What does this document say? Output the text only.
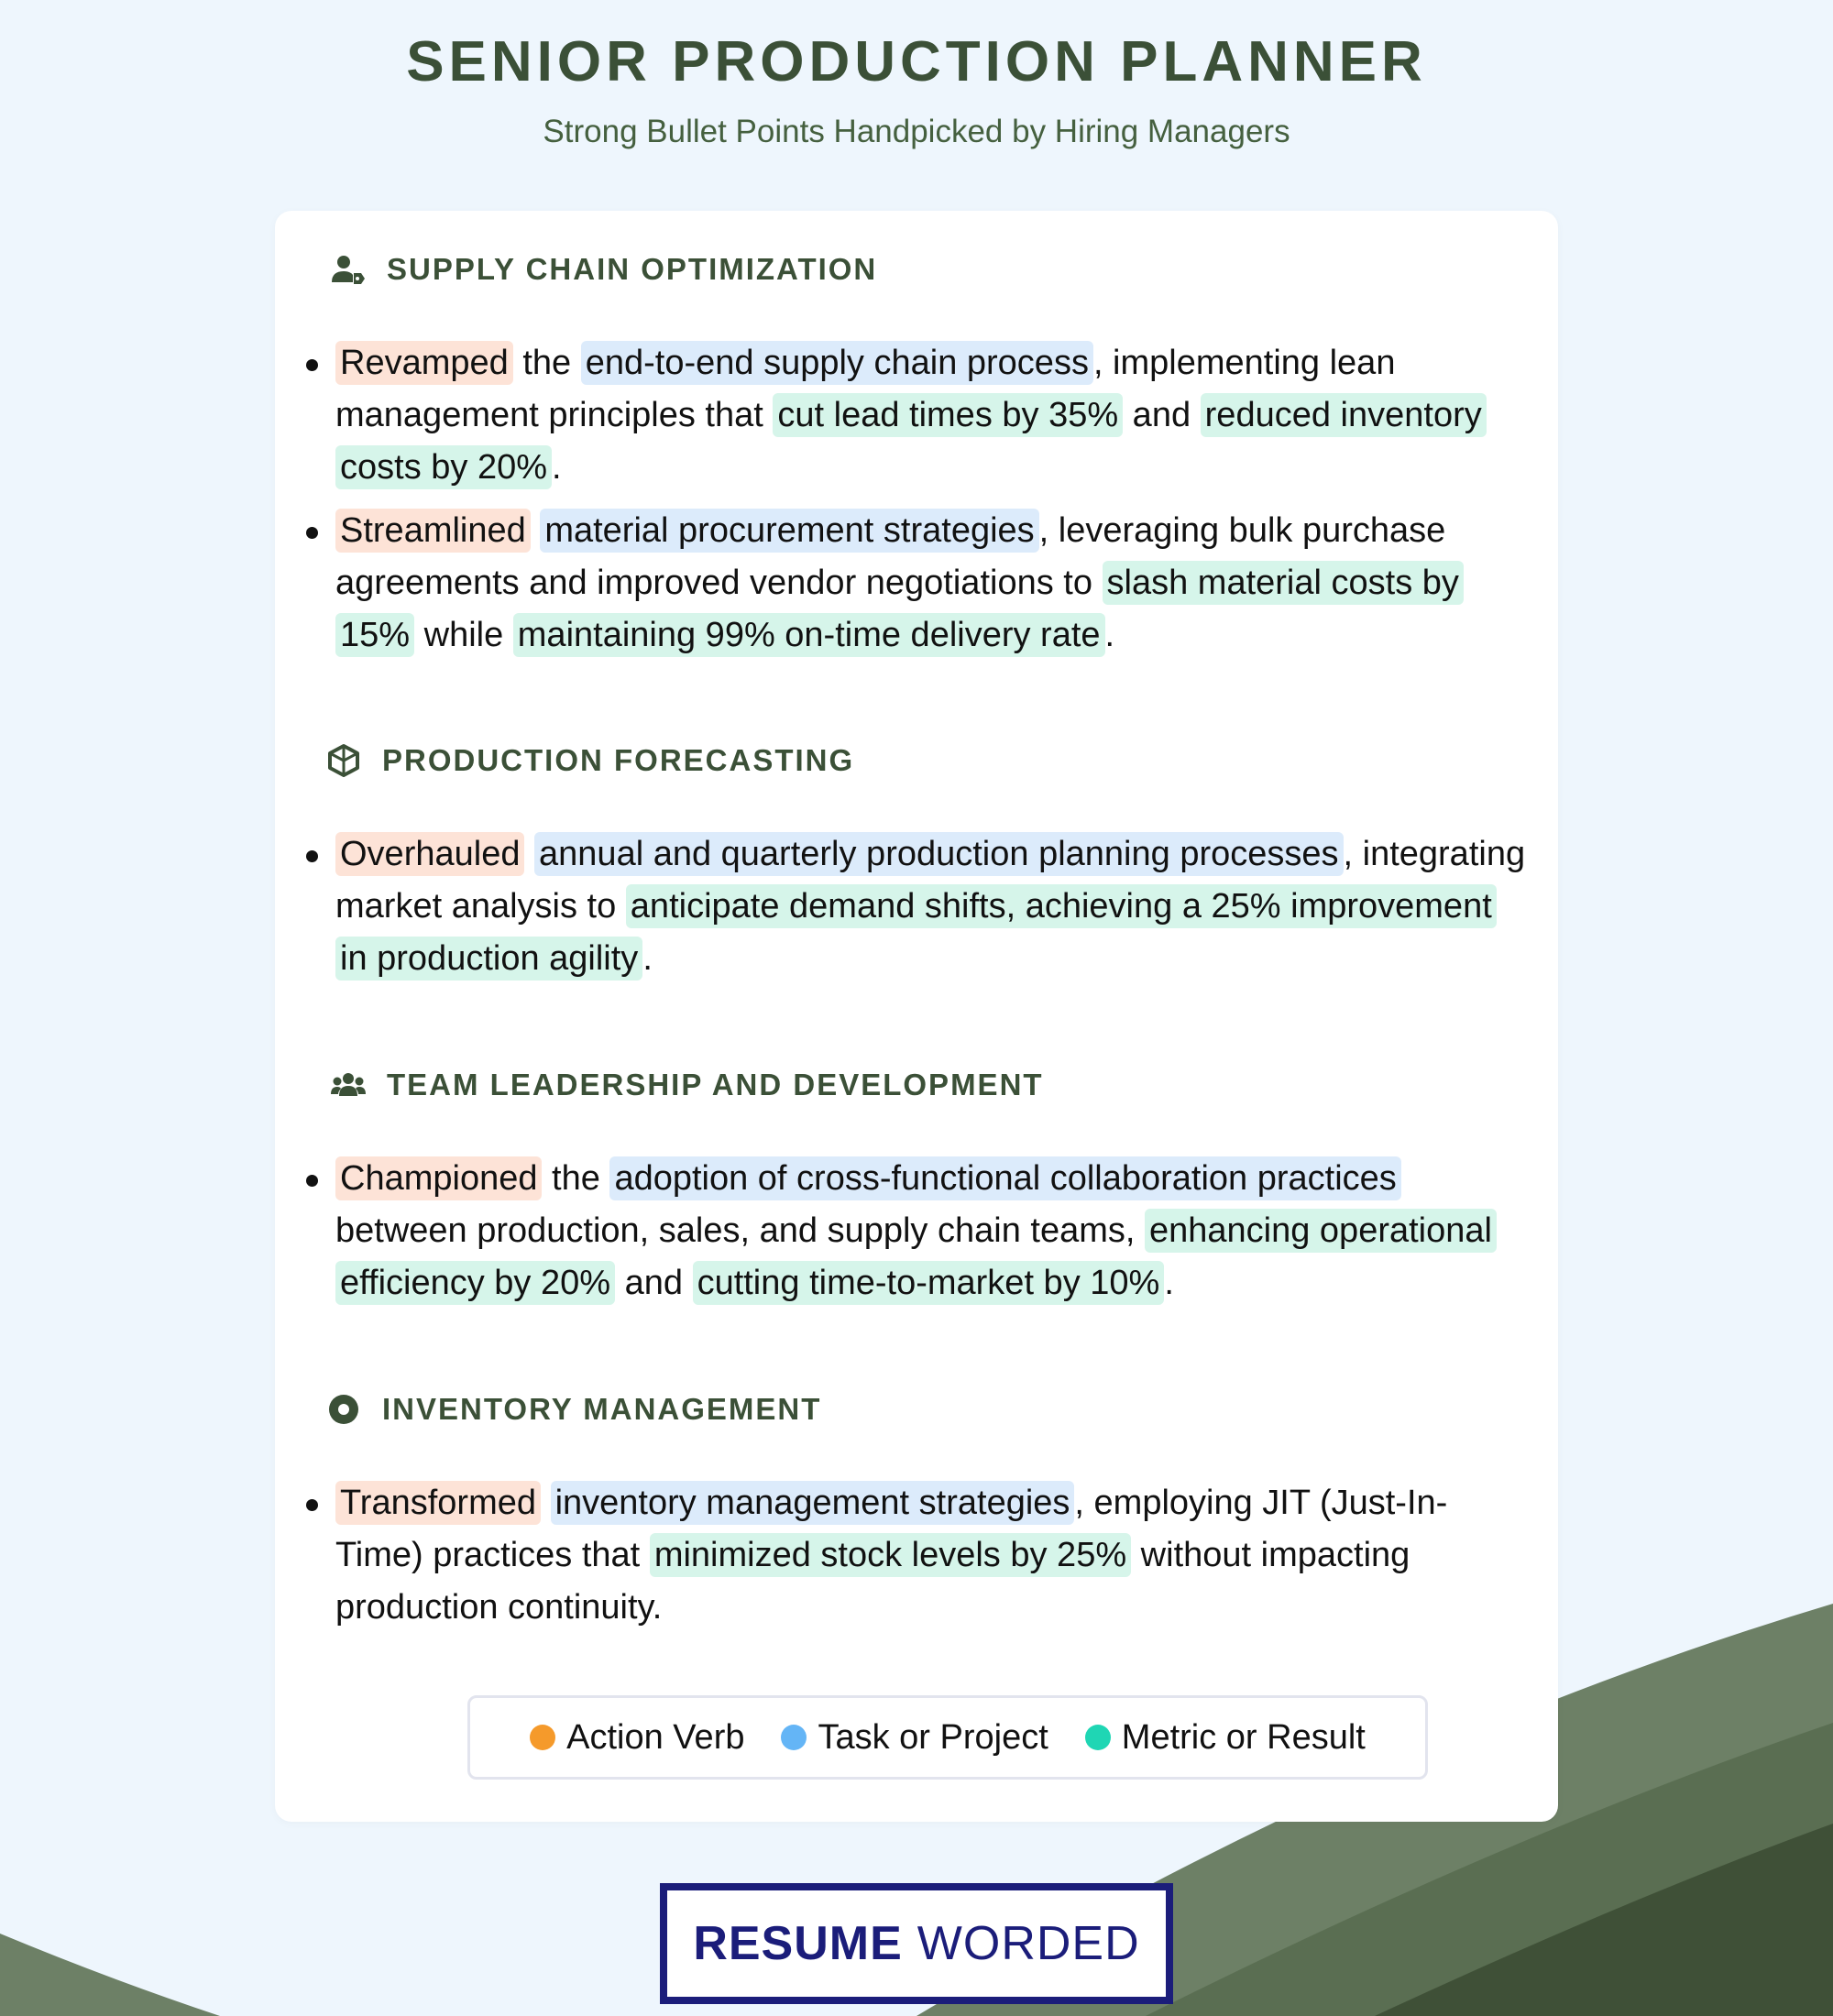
SENIOR PRODUCTION PLANNER

Strong Bullet Points Handpicked by Hiring Managers

SUPPLY CHAIN OPTIMIZATION
Revamped the end-to-end supply chain process , implementing lean management principles that cut lead times by 35% and reduced inventory costs by 20% .
Streamlined material procurement strategies , leveraging bulk purchase agreements and improved vendor negotiations to slash material costs by 15% while maintaining 99% on-time delivery rate .
PRODUCTION FORECASTING
Overhauled annual and quarterly production planning processes , integrating market analysis to anticipate demand shifts, achieving a 25% improvement in production agility .
TEAM LEADERSHIP AND DEVELOPMENT
Championed the adoption of cross-functional collaboration practices between production, sales, and supply chain teams, enhancing operational efficiency by 20% and cutting time-to-market by 10% .
INVENTORY MANAGEMENT
Transformed inventory management strategies , employing JIT (Just-In-Time) practices that minimized stock levels by 25% without impacting production continuity.
Action Verb Task or Project Metric or Result
RESUME WORDED
